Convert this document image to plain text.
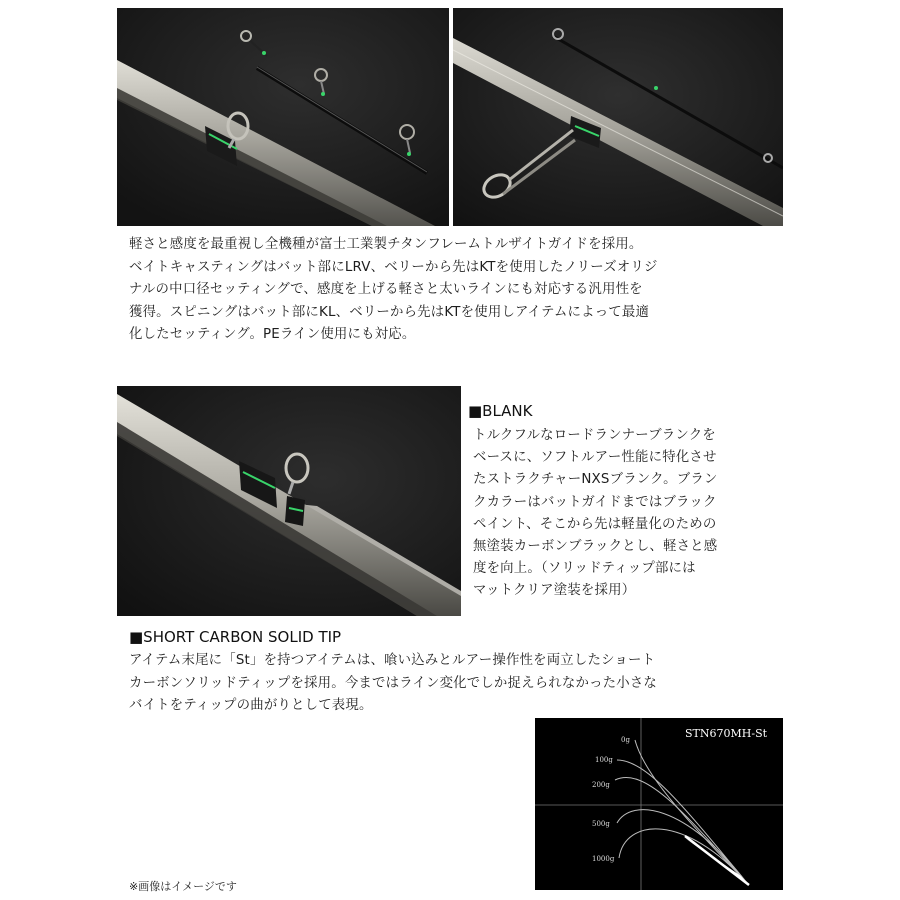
軽さと感度を最重視し全機種が富士工業製チタンフレームトルザイトガイドを採用。
ベイトキャスティングはバット部にLRV、ベリーから先はKTを使用したノリーズオリジ
ナルの中口径セッティングで、感度を上げる軽さと太いラインにも対応する汎用性を
獲得。スピニングはバット部にKL、ベリーから先はKTを使用しアイテムによって最適
化したセッティング。PEライン使用にも対応。
■BLANK
トルクフルなロードランナーブランクを
ベースに、ソフトルアー性能に特化させ
たストラクチャーNXSブランク。ブラン
クカラーはバットガイドまではブラック
ペイント、そこから先は軽量化のための
無塗装カーボンブラックとし、軽さと感
度を向上。（ソリッドティップ部には
マットクリア塗装を採用）
■SHORT CARBON SOLID TIP
アイテム末尾に「St」を持つアイテムは、喰い込みとルアー操作性を両立したショート
カーボンソリッドティップを採用。今まではライン変化でしか捉えられなかった小さな
バイトをティップの曲がりとして表現。
0g
100g
200g
500g
1000g
STN670MH-St
※画像はイメージです
